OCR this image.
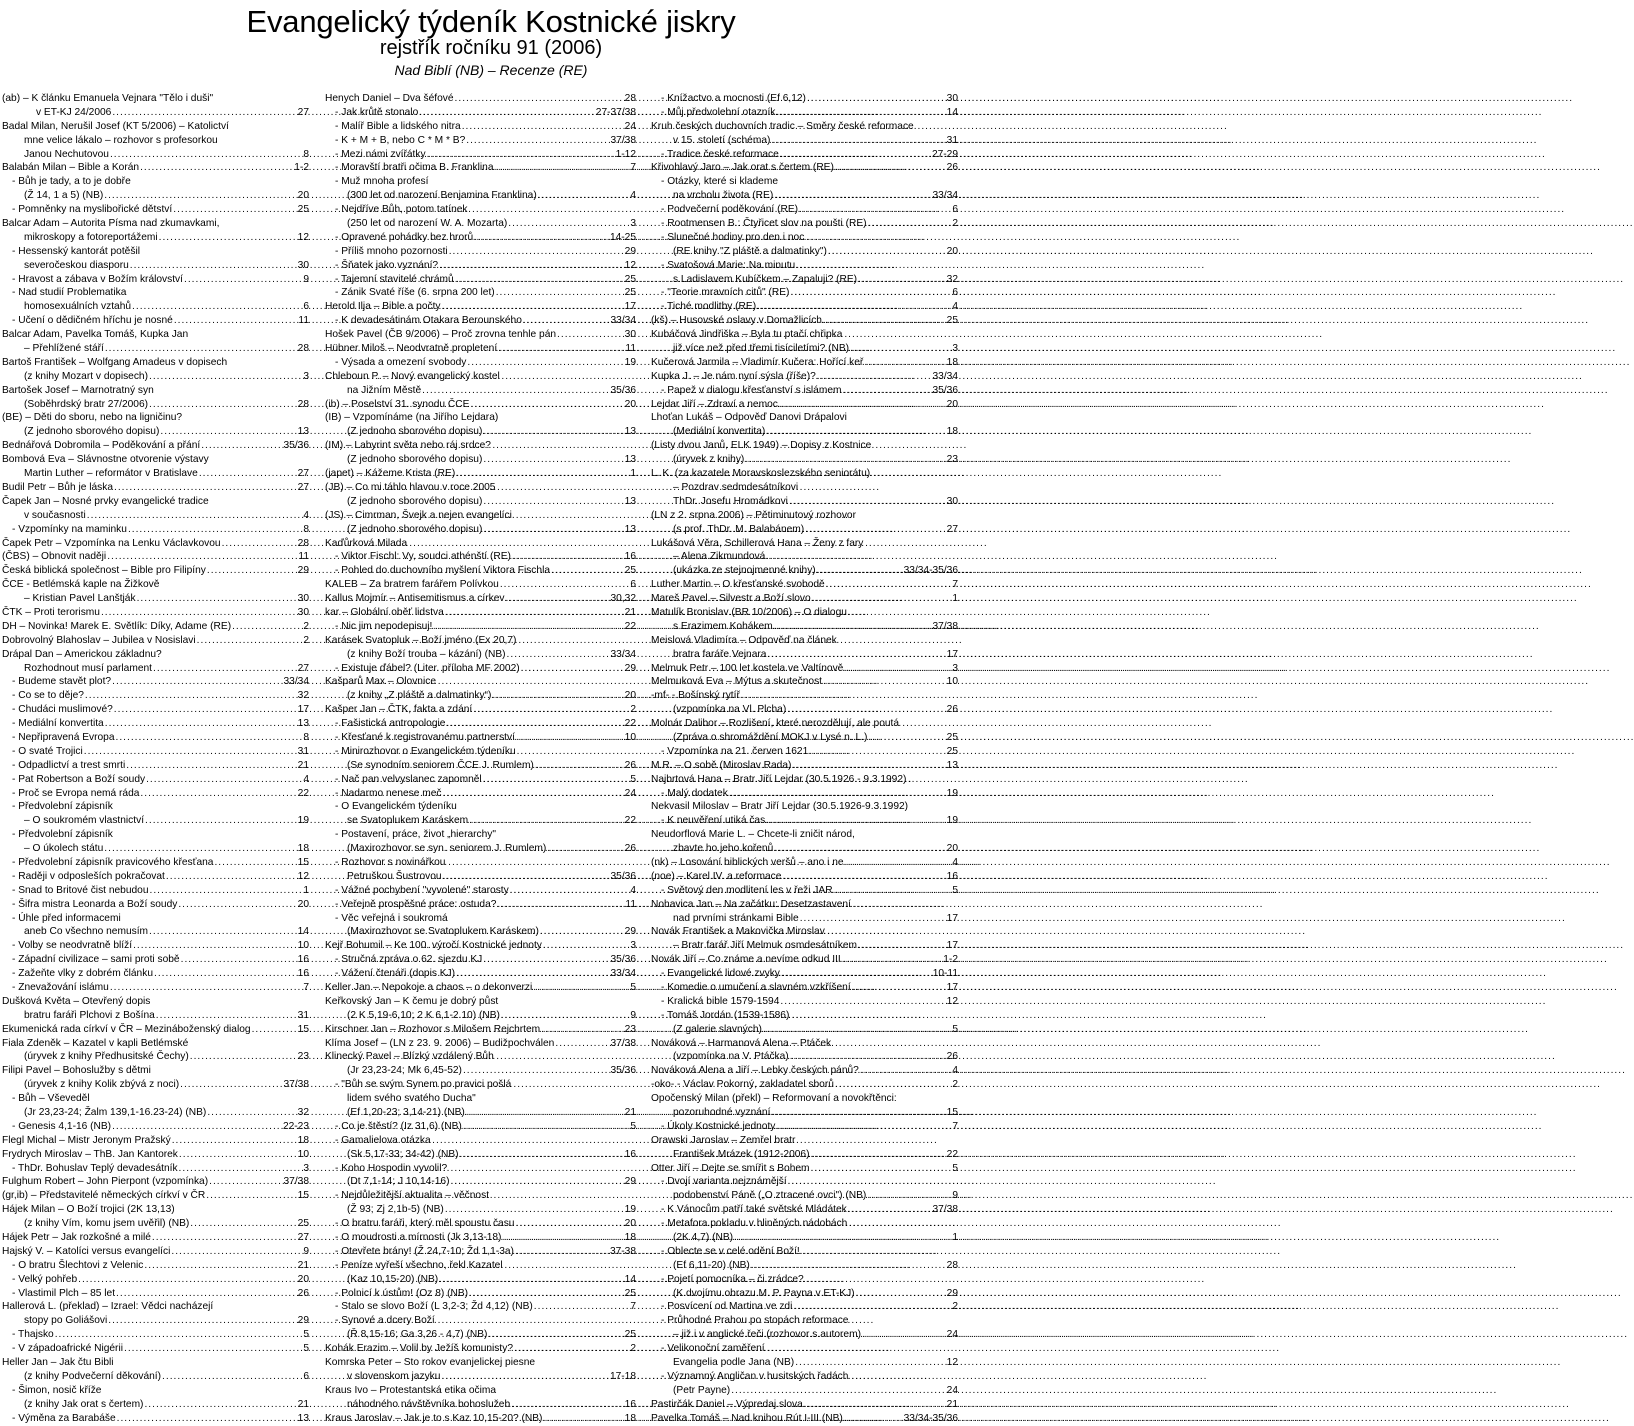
Evangelický týdeník Kostnické jiskry
rejstřík ročníku 91 (2006)
Nad Biblí (NB) – Recenze (RE)
(ab) – K článku Emanuela Vejnara "Tělo i duši"
v ET-KJ 24/2006 .....	27
Badal Milan, Nerušil Josef (KT 5/2006) – Katolictví
mne velice lákalo – rozhovor s profesorkou
Janou Nechutovou .....	8
Balabán Milan – Bible a Korán .....	1-2
- Bůh je tady, a to je dobře
(Ž 14, 1 a 5) (NB) .....	20
- Pomněnky na myslibořické dětství .....	25
Balcar Adam – Autorita Písma nad zkumavkami,
mikroskopy a fotoreportážemi .....	12
- Hessenský kantorát potěšil
severočeskou diasporu .....	30
- Hravost a zábava v Božím království .....	9
- Nad studií Problematika
homosexuálních vztahů .....	6
- Učení o dědičném hříchu je nosné .....	11
Balcar Adam, Pavelka Tomáš, Kupka Jan
– Přehlížené stáří .....	28
Bartoš František – Wolfgang Amadeus v dopisech
(z knihy Mozart v dopisech) .....	3
Bartošek Josef – Marnotratný syn
(Soběhrdský bratr 27/2006) .....	28
(BE) – Děti do sboru, nebo na ligničinu?
(Z jednoho sborového dopisu) .....	13
Bednářová Dobromila – Poděkování a přání .....	35/36
Bombová Eva – Slávnostne otvorenie výstavy
Martin Luther – reformátor v Bratislave .....	27
Budil Petr – Bůh je láska .....	27
Čapek Jan – Nosné prvky evangelické tradice
v současnosti .....	4
- Vzpomínky na maminku .....	8
Čapek Petr – Vzpomínka na Lenku Václavkovou .....	28
(ČBS) – Obnovit naději .....	11
Česká biblická společnost – Bible pro Filipíny .....	29
ČCE - Betlémská kaple na Žižkově
– Kristian Pavel Lanštják .....	30
ČTK – Proti terorismu .....	30
DH – Novinka! Marek E. Světlík: Díky, Adame (RE) .....	2
Dobrovolný Blahoslav – Jubilea v Nosislavi .....	2
Drápal Dan – Americkou základnu?
Rozhodnout musí parlament .....	27
- Budeme stavět plot? .....	33/34
- Co se to děje? .....	32
- Chudáci muslimové? .....	17
- Mediální konvertita .....	13
- Nepřipravená Evropa .....	8
- O svaté Trojici .....	31
- Odpadlictví a trest smrti .....	21
- Pat Robertson a Boží soudy .....	4
- Proč se Evropa nemá ráda .....	22
- Předvolební zápisník
– O soukromém vlastnictví .....	19
- Předvolební zápisník
– O úkolech státu .....	18
- Předvolební zápisník pravicového křesťana .....	15
- Raději v odposleších pokračovat .....	12
- Snad to Britové čist nebudou .....	1
- Šifra mistra Leonarda a Boží soudy .....	20
- Úhle před informacemi
aneb Co všechno nemusím .....	14
- Volby se neodvratně blíží .....	10
- Západní civilizace – sami proti sobě .....	16
- Zažeňte vlky z dobrém článku .....	16
- Znevažování islámu .....	7
Dušková Květa – Otevřený dopis
bratru faráři Plchovi z Bošína .....	31
Ekumenická rada církví v ČR – Mezináboženský dialog .....	15
Fiala Zdeněk – Kazatel v kapli Betlémské
(úryvek z knihy Předhusitské Čechy) .....	23
Filipi Pavel – Bohoslužby s dětmi
(úryvek z knihy Kolik zbývá z noci) .....	37/38
- Bůh – Vševeděl
(Jr 23,23-24; Žalm 139,1-16.23-24) (NB) .....	32
- Genesis 4,1-16 (NB) .....	22-23
Flegl Michal – Mistr Jeronym Pražský .....	18
Frydrych Miroslav – ThB. Jan Kantorek .....	10
- ThDr. Bohuslav Teplý devadesátník .....	3
Fulghum Robert – John Pierpont (vzpomínka) .....	37/38
(gr,ib) – Představitelé německých církví v ČR .....	15
Hájek Milan – O Boží trojici (2K 13,13)
(z knihy Vím, komu jsem uvěřil) (NB) .....	25
Hájek Petr – Jak rozkošné a milé .....	27
Hajský V. – Katolíci versus evangelíci .....	9
- O bratru Šlechtovi z Velenic .....	21
- Velký pohřeb .....	20
- Vlastimil Plch – 85 let .....	26
Hallerová L. (překlad) – Izrael: Vědci nacházejí
stopy po Goliášovi .....	29
- Thajsko .....	5
- V západoafrické Nigérii .....	5
Heller Jan – Jak čtu Bibli
(z knihy Podvečerní děkování) .....	6
- Šimon, nosič kříže
(z knihy Jak orat s čertem) .....	21
- Výměna za Barabáše .....	13
Henych Daniel – Dva šéfové .....	28
- Jak krůtě stonalo .....	27-37/38
- Malíř Bible a lidského nitra .....	24
- K + M + B, nebo C * M * B? .....	37/38
- Mezi námi zvířátky .....	1-12
- Moravští bratři očima B. Franklina .....	7
- Muž mnoha profesí
(300 let od narození Benjamina Franklina) .....	4
- Nejdříve Bůh, potom tatínek
(250 let od narození W. A. Mozarta) .....	3
- Opravené pohádky bez hrorů .....	14-25
- Příliš mnoho pozornosti .....	29
- Šňatek jako vyznání? .....	12
- Tajemní stavitelé chrámů .....	25
- Zánik Svaté říše (6. srpna 200 let) .....	25
Herold Ilja – Bible a počty .....	17
- K devadesátinám Otakara Berounského .....	33/34
Hošek Pavel (ČB 9/2006) – Proč zrovna tenhle pán .....	30
Hübner Miloš – Neodvratně propletení .....	11
- Výsada a omezení svobody .....	19
Chleboun P. – Nový evangelický kostel
na Jižním Městě .....	35/36
(ib) – Poselství 31. synodu ČCE .....	20
(IB) – Vzpomínáme (na Jiřího Lejdara)
(Z jednoho sborového dopisu) .....	13
(IM) – Labyrint světa nebo ráj srdce?
(Z jednoho sborového dopisu) .....	13
(japet) – Kážeme Krista (RE) .....	1
(JB) – Co mi táhlo hlavou v roce 2005
(Z jednoho sborového dopisu) .....	13
(JS) – Cimrman, Švejk a nejen evangelíci
(Z jednoho sborového dopisu) .....	13
Kaďůrková Milada
- Viktor Fischl: Vy, soudci athénští (RE) .....	16
- Pohled do duchovního myšlení Viktora Fischla .....	25
KALEB – Za bratrem farářem Polívkou .....	6
Kallus Mojmír – Antisemitismus a církev .....	30,32
kar – Globální oběť lidstva .....	21
- Nic jim nepodepisuj! .....	22
Karásek Svatopluk – Boží jméno (Ex 20,7)
(z knihy Boží trouba – kázání) (NB) .....	33/34
- Existuje ďábel? (Liter. příloha MF 2002) .....	29
Kašparů Max – Olovnice
(z knihy „Z pláště a dalmatinky“) .....	20
Kašper Jan – ČTK, fakta a zdání .....	2
- Fašistická antropologie .....	22
- Křesťané k registrovanému partnerství .....	10
- Minirozhovor o Evangelickém týdeníku
(Se synodním seniorem ČCE J. Rumlem) .....	26
- Nač pan velvyslanec zapomněl .....	5
- Nadarmo nenese meč .....	24
- O Evangelickém týdeníku
se Svatoplukem Karáskem .....	22
- Postavení, práce, život „hierarchy"
(Maxirozhovor se syn. seniorem J. Rumlem) .....	26
- Rozhovor s novinářkou
Petruškou Šustrovou .....	35/36
- Vážné pochybení "vyvolené" starosty .....	4
- Veřejně prospěšné práce: ostuda? .....	11
- Věc veřejná i soukromá
(Maxirozhovor se Svatoplukem Karáskem) .....	29
Kejř Bohumil – Ke 100. výročí Kostnické jednoty .....	3
- Stručná zpráva o 62. sjezdu KJ .....	35/36
- Vážení čtenáři (dopis KJ) .....	33/34
Keller Jan – Nepokoje a chaos – o dekonverzi .....	5
Keřkovský Jan – K čemu je dobrý půst
(2 K 5,19-6,10; 2 K 6,1-2.10) (NB) .....	9
Kirschner Jan – Rozhovor s Milošem Rejchrtem .....	23
Klíma Josef – (LN z 23. 9. 2006) – Budižpochválen .....	37/38
Klinecký Pavel – Blízký vzdálený Bůh
(Jr 23,23-24; Mk 6,45-52) .....	35/36
- "Bůh se svým Synem po pravici pošlá
lidem svého svatého Ducha"
(Ef 1,20-23; 3,14-21) (NB) .....	21
- Co je štěstí? (Iz 31,6) (NB) .....	5
- Gamalielova otázka
(Sk 5,17-33; 34-42) (NB) .....	16
- Koho Hospodin vyvolil?
(Dt 7,1-14; J 10,14-16) .....	29
- Nejdůležitější aktualita – věčnost
(Ž 93; Zj 2,1b-5) (NB) .....	19
- O bratru faráři, který měl spoustu času .....	20
- O moudrosti a mírnosti (Jk 3,13-18) .....	18
- Otevřete brány! (Ž 24,7-10; Žd 1,1-3a) .....	37-38
- Peníze vyřeší všechno, řekl Kazatel
(Kaz 10,15-20) (NB) .....	14
- Polnicí k ústům! (Oz 8) (NB) .....	25
- Stalo se slovo Boží (L 3,2-3; Žd 4,12) (NB) .....	7
- Synové a dcery Boží
(Ř 8,15-16; Ga 3,26 - 4,7) (NB) .....	25
Kohák Erazim – Volil by Ježíš komunisty? .....	2
Komrska Peter – Sto rokov evanjelickej piesne
v slovenskom jazyku .....	17-18
Kraus Ivo – Protestantská etika očima
náhodného návštěvníka bohoslužeb .....	16
Kraus Jaroslav – Jak je to s Kaz 10,15-20? (NB) .....	18
- Knížactvo a mocnosti (Ef 6,12) .....	30
- Můj předvolební otazník .....	14
Kruh českých duchovních tradic – Směry české reformace
v 15. století (schéma) .....	31
- Tradice české reformace .....	27-29
Křivohlavý Jaro – Jak orat s čertem (RE) .....	26
- Otázky, které si klademe
na vrcholu života (RE) .....	33/34
- Podvečerní poděkování (RE) .....	6
- Rootmensen B.: Čtyřicet slov na poušti (RE) .....	2
- Slunečné hodiny pro den i noc
(RE knihy "Z pláště a dalmatinky") .....	20
- Svatošová Marie: Na minutu
s Ladislavem Kubíčkem – Zapaluji? (RE) .....	32
- "Teorie mravních citů" (RE) .....	6
- Tiché modlitby (RE) .....	4
(kš) – Husovské oslavy v Domažlicích .....	25
Kubáčová Jindřiška – Byla tu ptačí chřipka
již více než před třemi tisíciletími? (NB) .....	3
Kučerová Jarmila – Vladimír Kučera: Hořící keř .....	18
Kupka J. – Je nám nyní sýsla (říše)? .....	33/34
- Papež v dialogu křesťanství s islámem .....	35/36
Lejdar Jiří – Zdraví a nemoc .....	20
Lhoťan Lukáš – Odpověď Danovi Drápalovi
(Mediální konvertita) .....	18
(Listy dvou Janů, ELK 1949) – Dopisy z Kostnice
(úryvek z knihy) .....	23
L. K. (za kazatele Moravskoslezského seniorátu)
– Pozdrav sedmdesátníkovi
ThDr. Josefu Hromádkovi .....	30
(LN z 2. srpna 2006) – Pětiminutový rozhovor
(s prof. ThDr. M. Balabánem) .....	27
Lukášová Věra, Schillerová Hana – Ženy z fary
– Alena Zikmundová
(ukázka ze stejnojmenné knihy) .....	33/34-35/36
Luther Martin – O křesťanské svobodě .....	7
Mareš Pavel – Silvestr a Boží slovo .....	1
Matulík Bronislav (BR 10/2006) – O dialogu
s Erazimem Kohákem .....	37/38
Meislová Vladimíra – Odpověď na článek
bratra faráře Vejnara .....	17
Melmuk Petr – 100 let kostela ve Valtínově .....	3
Melmuková Eva – Mýtus a skutečnost .....	10
-mf- - Bošínský rytíř
(vzpomínka na Vl. Plcha) .....	26
Molnár Dalibor – Rozlišení, které nerozdělují, ale poutá
(Zpráva o shromáždění MOKJ v Lysé n. L.) .....	25
- Vzpomínka na 21. červen 1621 .....	25
M.R. – O sobě (Miroslav Rada) .....	13
Najbrtová Hana – Bratr Jiří Lejdar (30.5.1926 - 9.3.1992)
- Malý dodatek .....	19
Nekvasil Miloslav – Bratr Jiří Lejdar (30.5.1926-9.3.1992)
- K neuvěření utiká čas .....	19
Neudorflová Marie L. – Chcete-li zničit národ,
zbavte ho jeho kořenů .....	20
(nk) – Losování biblických veršů – ano i ne .....	4
(noe) – Karel IV. a reformace .....	16
- Světový den modlitení les v řeži JAR .....	5
Nohavica Jan – Na začátku: Desetzastavení
nad prvními stránkami Bible .....	17
Novák František a Makovička Miroslav
– Bratr farář Jiří Melmuk osmdesátníkem .....	17
Novák Jiří – Co známe a nevíme odkud III .....	1-2
- Evangelické lidové zvyky .....	10-11
- Komedie o umučení a slavném vzkříšení .....	17
- Kralická bible 1579-1594 .....	12
- Tomáš Jordán (1539-1586)
(Z galerie slavných) .....	5
Nováková – Harmanová Alena – Ptáček
(vzpomínka na V. Ptáčka) .....	26
Nováková Alena a Jiří – Lebky českých pánů? .....	4
-oko- - Václav Pokorný, zakladatel sborů .....	2
Opočenský Milan (překl) – Reformovaní a novokřtěnci:
pozoruhodné vyznání .....	15
- Úkoly Kostnické jednoty .....	7
Orawski Jaroslav – Zemřel bratr
František Mrázek (1912-2006) .....	22
Otter Jiří – Dejte se smířit s Bohem .....	5
- Dvojí varianta nejznámější
podobenství Páně („O ztracené ovci") (NB) .....	9
- K Vánocům patří také světské Mládátek .....	37/38
- Metafora pokladu v hliněných nádobách
(2K 4,7) (NB) .....	1
- Oblecte se v celé odění Boží!
(Ef 6,11-20) (NB) .....	28
- Pojetí pomocníka – či zrádce?
(K dvojímu obrazu M. P. Payna v ET-KJ) .....	29
- Posvícení od Martina ve zdi .....	2
- Průhodné Prahou po stopách reformace
– již i v anglické řeči (rozhovor s autorem) .....	24
- Velikonoční zaměření
Evangelia podle Jana (NB) .....	12
- Významný Angličan v husitských řadách
(Petr Payne) .....	24
Pastirčák Daniel – Výpredaj slova .....	21
Pavelka Tomáš – Nad knihou Rút I-III (NB) .....	33/34-35/36
